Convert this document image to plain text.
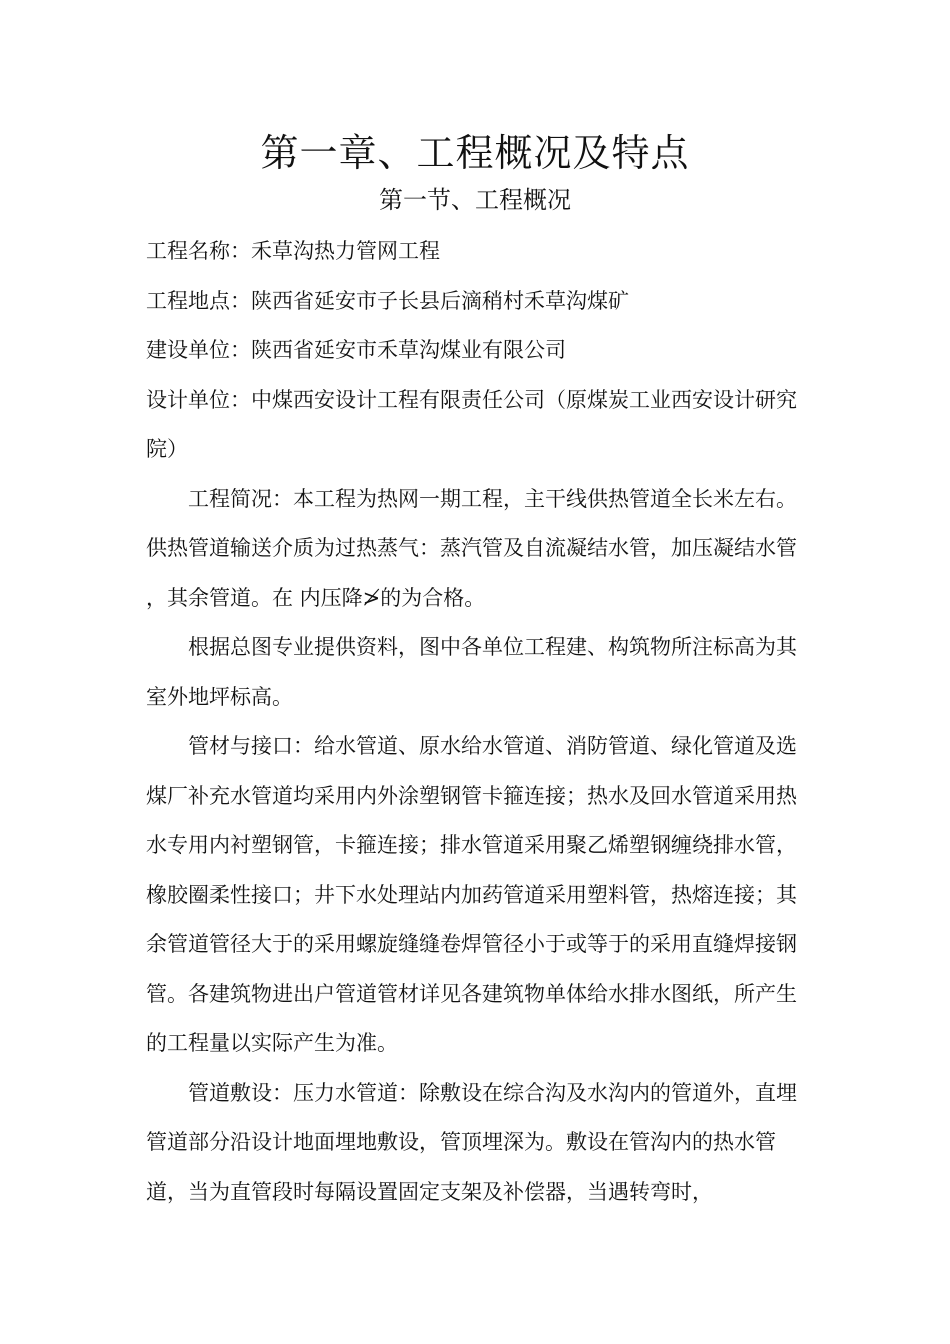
第一章、工程概况及特点
第一节、工程概况

工程名称：禾草沟热力管网工程

工程地点：陕西省延安市子长县后滴稍村禾草沟煤矿

建设单位：陕西省延安市禾草沟煤业有限公司

设计单位：中煤西安设计工程有限责任公司（原煤炭工业西安设计研究院）

工程简况：本工程为热网一期工程，主干线供热管道全长米左右。供热管道输送介质为过热蒸气：蒸汽管及自流凝结水管，加压凝结水管 ，其余管道。在 内压降≯的为合格。

根据总图专业提供资料，图中各单位工程建、构筑物所注标高为其室外地坪标高。

管材与接口：给水管道、原水给水管道、消防管道、绿化管道及选煤厂补充水管道均采用内外涂塑钢管卡箍连接；热水及回水管道采用热水专用内衬塑钢管，卡箍连接；排水管道采用聚乙烯塑钢缠绕排水管，橡胶圈柔性接口；井下水处理站内加药管道采用塑料管，热熔连接；其余管道管径大于的采用螺旋缝缝卷焊管径小于或等于的采用直缝焊接钢管。各建筑物进出户管道管材详见各建筑物单体给水排水图纸，所产生的工程量以实际产生为准。

管道敷设：压力水管道：除敷设在综合沟及水沟内的管道外，直埋管道部分沿设计地面埋地敷设，管顶埋深为。敷设在管沟内的热水管道，当为直管段时每隔设置固定支架及补偿器，当遇转弯时，
